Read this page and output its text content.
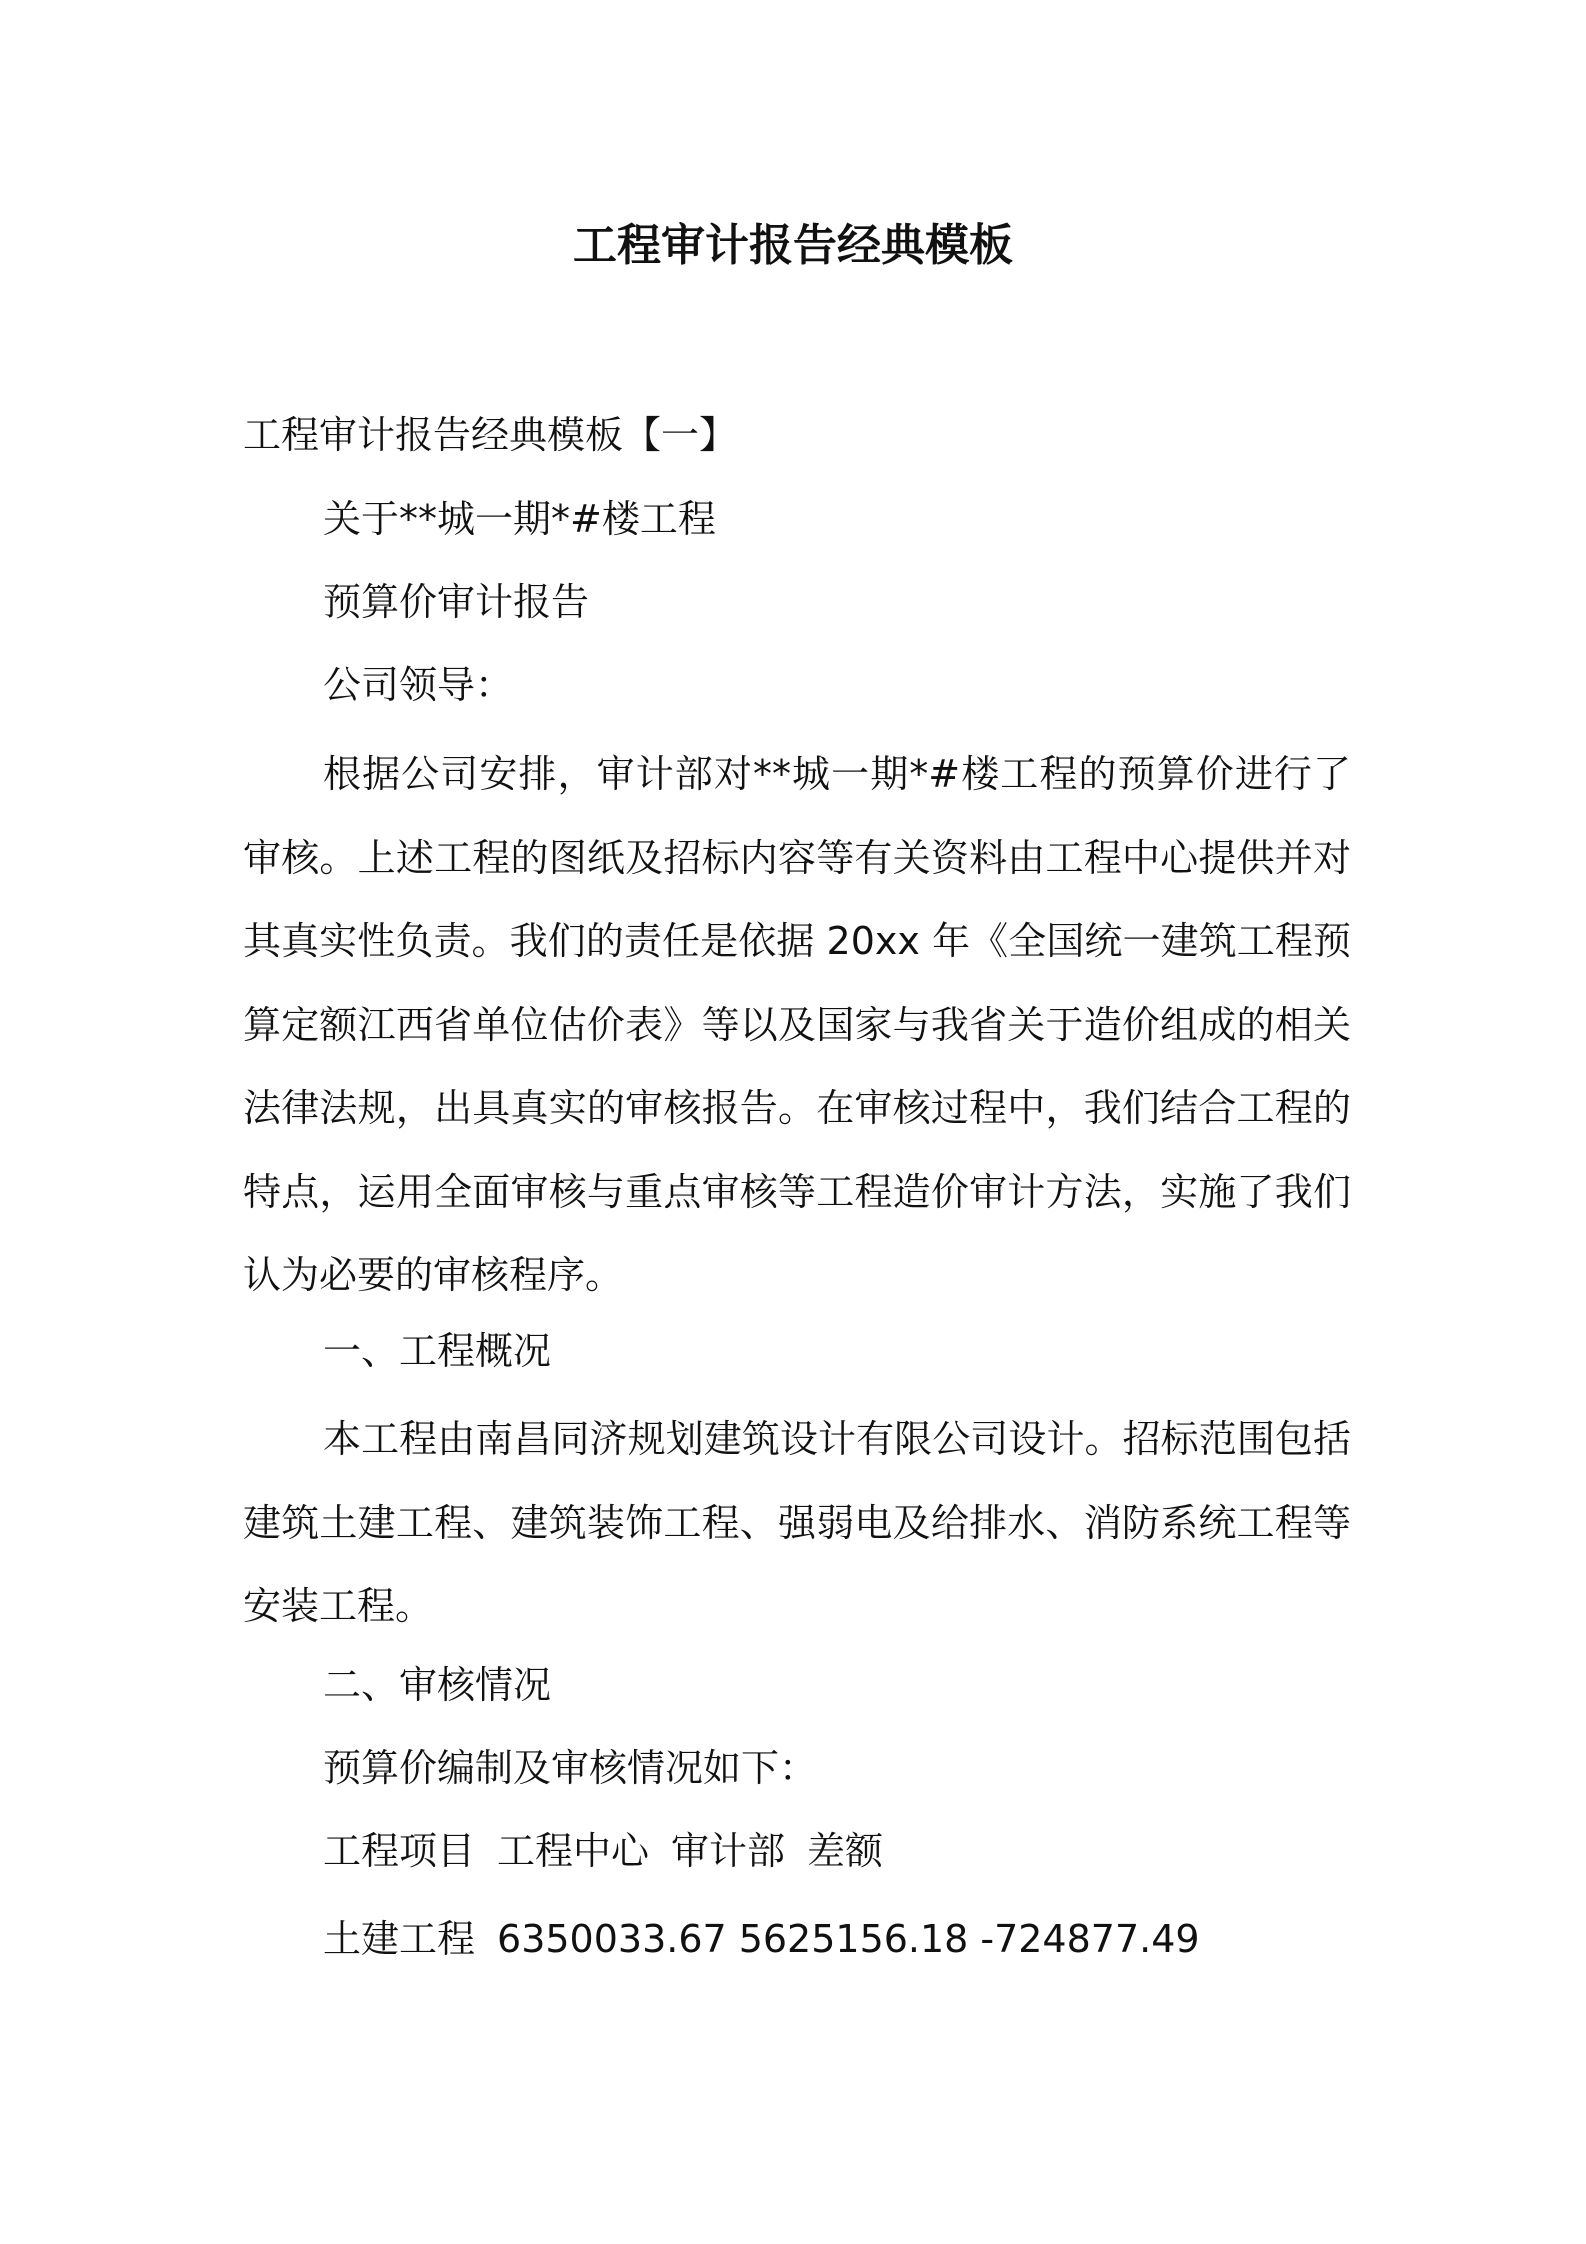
工程审计报告经典模板

工程审计报告经典模板【一】

关于**城一期*#楼工程

预算价审计报告

公司领导：

根据公司安排，审计部对**城一期*#楼工程的预算价进行了审核。上述工程的图纸及招标内容等有关资料由工程中心提供并对其真实性负责。我们的责任是依据 20xx 年《全国统一建筑工程预算定额江西省单位估价表》等以及国家与我省关于造价组成的相关法律法规，出具真实的审核报告。在审核过程中，我们结合工程的特点，运用全面审核与重点审核等工程造价审计方法，实施了我们认为必要的审核程序。

一、工程概况

本工程由南昌同济规划建筑设计有限公司设计。招标范围包括建筑土建工程、建筑装饰工程、强弱电及给排水、消防系统工程等安装工程。

二、审核情况

预算价编制及审核情况如下：

工程项目 工程中心 审计部 差额
土建工程 6350033.67 5625156.18 -724877.49
